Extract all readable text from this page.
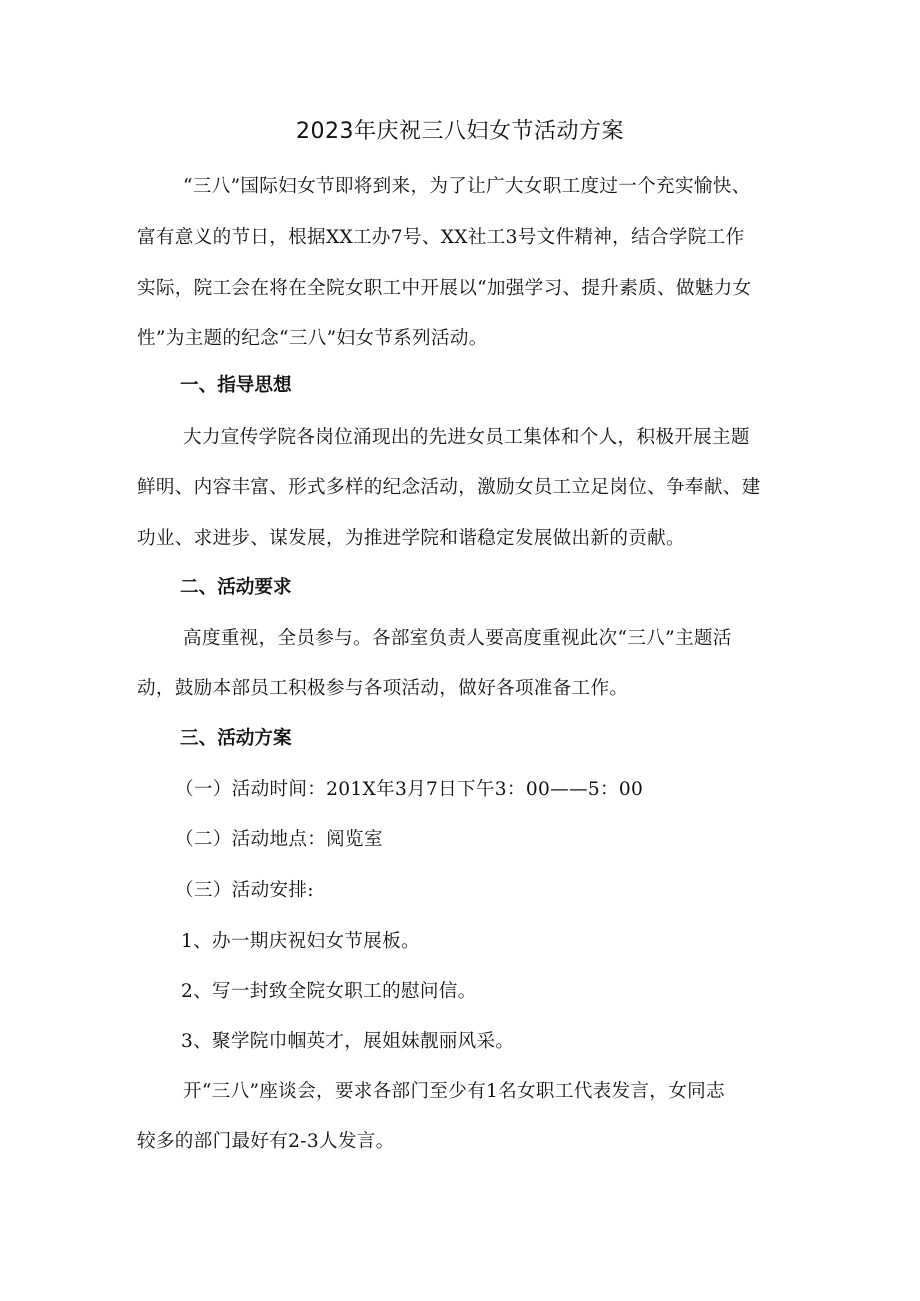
2023年庆祝三八妇女节活动方案

“三八”国际妇女节即将到来，为了让广大女职工度过一个充实愉快、

富有意义的节日，根据XX工办7号、XX社工3号文件精神，结合学院工作

实际，院工会在将在全院女职工中开展以“加强学习、提升素质、做魅力女

性”为主题的纪念“三八”妇女节系列活动。

一、指导思想

大力宣传学院各岗位涌现出的先进女员工集体和个人，积极开展主题

鲜明、内容丰富、形式多样的纪念活动，激励女员工立足岗位、争奉献、建

功业、求进步、谋发展，为推进学院和谐稳定发展做出新的贡献。

二、活动要求

高度重视，全员参与。各部室负责人要高度重视此次“三八”主题活

动，鼓励本部员工积极参与各项活动，做好各项准备工作。

三、活动方案

（一）活动时间：201X年3月7日下午3：00——5：00

（二）活动地点：阅览室

（三）活动安排:

1、办一期庆祝妇女节展板。

2、写一封致全院女职工的慰问信。

3、聚学院巾帼英才，展姐妹靓丽风采。

开“三八”座谈会，要求各部门至少有1名女职工代表发言，女同志

较多的部门最好有2-3人发言。
